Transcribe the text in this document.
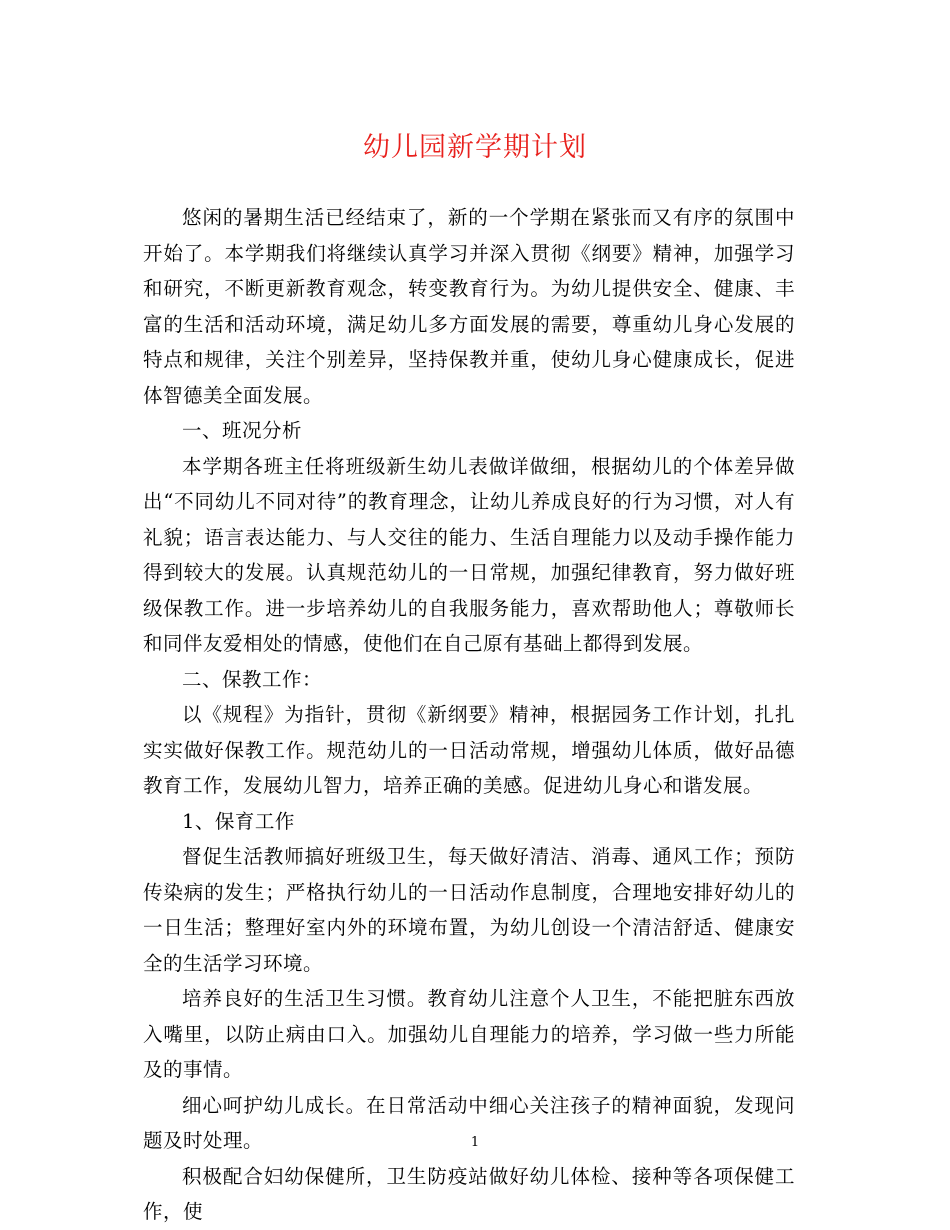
幼儿园新学期计划

悠闲的暑期生活已经结束了，新的一个学期在紧张而又有序的氛围中开始了。本学期我们将继续认真学习并深入贯彻《纲要》精神，加强学习和研究，不断更新教育观念，转变教育行为。为幼儿提供安全、健康、丰富的生活和活动环境，满足幼儿多方面发展的需要，尊重幼儿身心发展的特点和规律，关注个别差异，坚持保教并重，使幼儿身心健康成长，促进体智德美全面发展。

一、班况分析

本学期各班主任将班级新生幼儿表做详做细，根据幼儿的个体差异做出“不同幼儿不同对待”的教育理念，让幼儿养成良好的行为习惯，对人有礼貌；语言表达能力、与人交往的能力、生活自理能力以及动手操作能力得到较大的发展。认真规范幼儿的一日常规，加强纪律教育，努力做好班级保教工作。进一步培养幼儿的自我服务能力，喜欢帮助他人；尊敬师长和同伴友爱相处的情感，使他们在自己原有基础上都得到发展。

二、保教工作：

以《规程》为指针，贯彻《新纲要》精神，根据园务工作计划，扎扎实实做好保教工作。规范幼儿的一日活动常规，增强幼儿体质，做好品德教育工作，发展幼儿智力，培养正确的美感。促进幼儿身心和谐发展。

1、保育工作

督促生活教师搞好班级卫生，每天做好清洁、消毒、通风工作；预防传染病的发生；严格执行幼儿的一日活动作息制度，合理地安排好幼儿的一日生活；整理好室内外的环境布置，为幼儿创设一个清洁舒适、健康安全的生活学习环境。

培养良好的生活卫生习惯。教育幼儿注意个人卫生，不能把脏东西放入嘴里，以防止病由口入。加强幼儿自理能力的培养，学习做一些力所能及的事情。

细心呵护幼儿成长。在日常活动中细心关注孩子的精神面貌，发现问题及时处理。

积极配合妇幼保健所，卫生防疫站做好幼儿体检、接种等各项保健工作，使

1
